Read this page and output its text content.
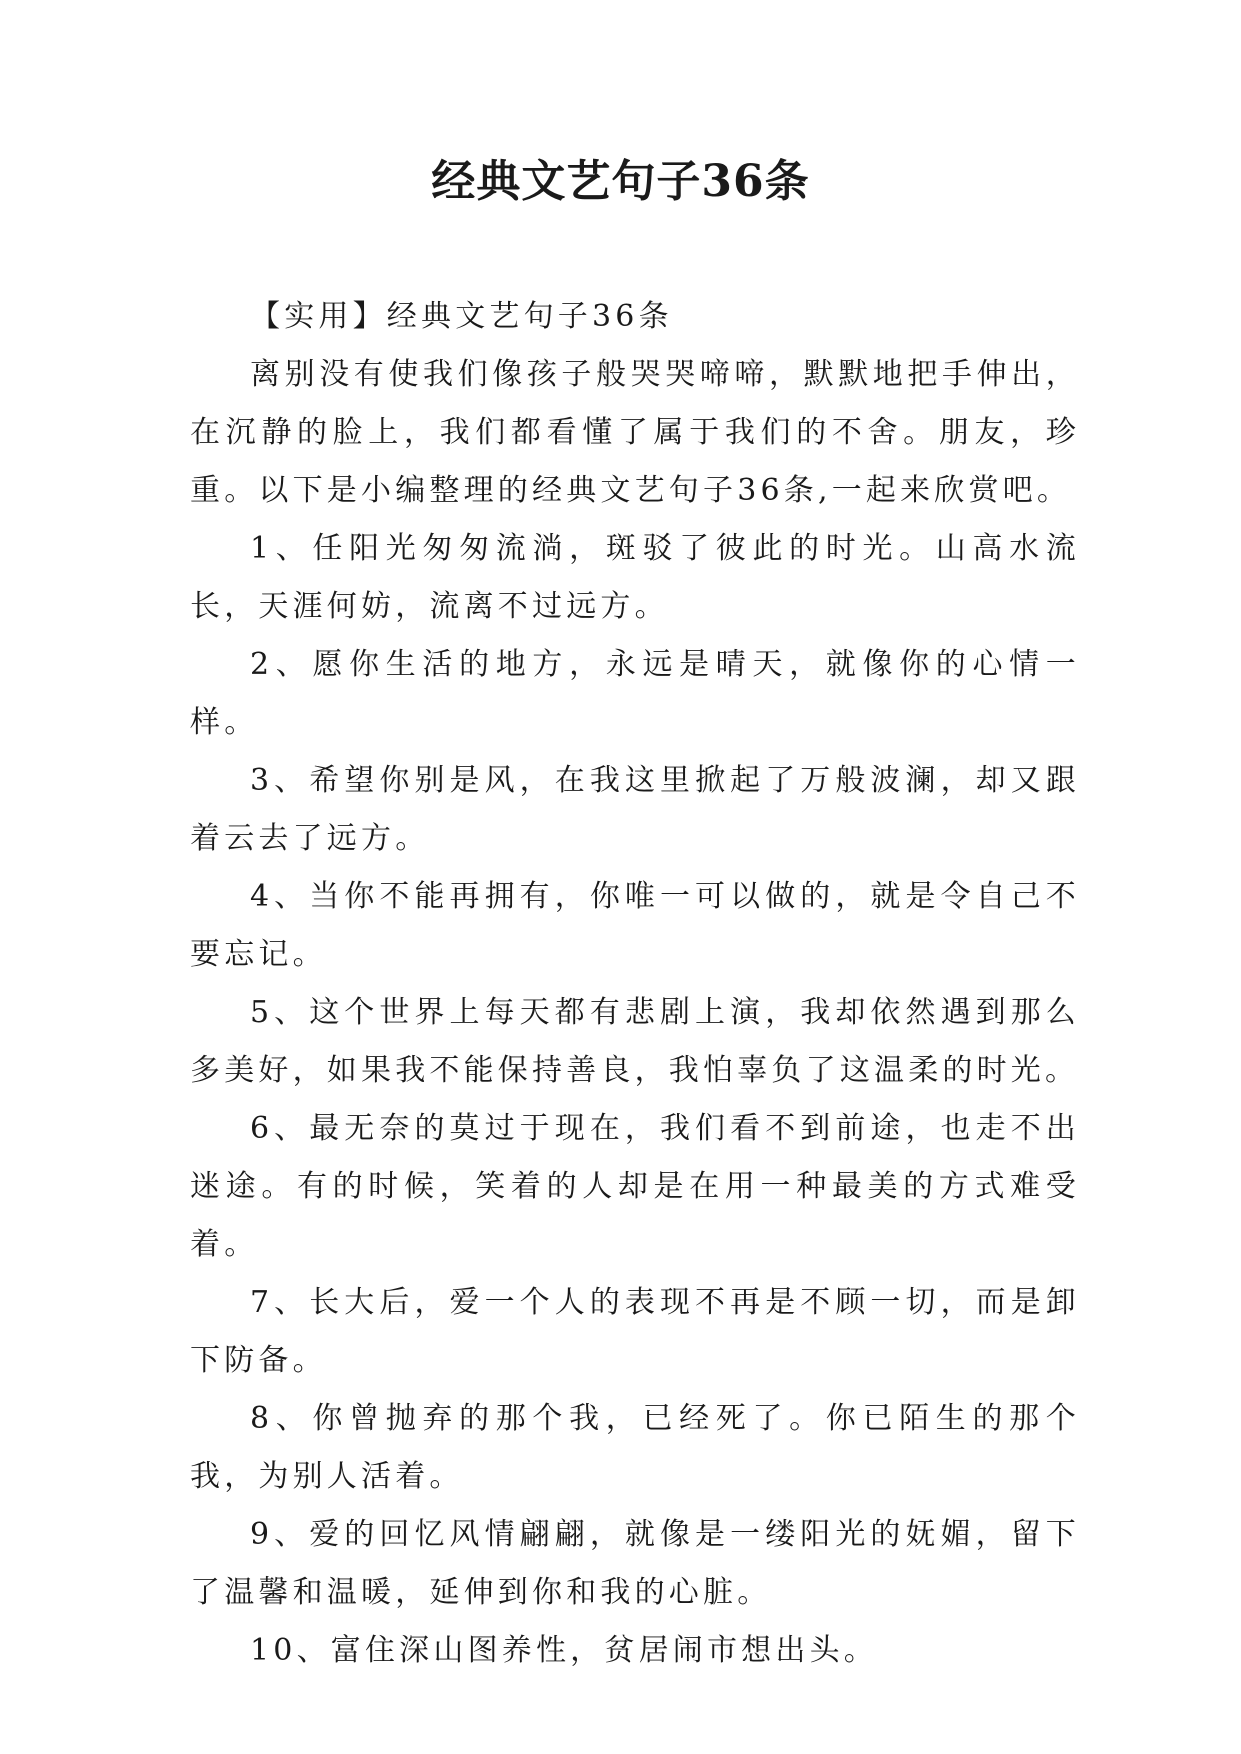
经典文艺句子36条

【实用】经典文艺句子36条

离别没有使我们像孩子般哭哭啼啼，默默地把手伸出，在沉静的脸上，我们都看懂了属于我们的不舍。朋友，珍重。以下是小编整理的经典文艺句子36条,一起来欣赏吧。

1、任阳光匆匆流淌，斑驳了彼此的时光。山高水流长，天涯何妨，流离不过远方。

2、愿你生活的地方，永远是晴天，就像你的心情一样。

3、希望你别是风，在我这里掀起了万般波澜，却又跟着云去了远方。

4、当你不能再拥有，你唯一可以做的，就是令自己不要忘记。

5、这个世界上每天都有悲剧上演，我却依然遇到那么多美好，如果我不能保持善良，我怕辜负了这温柔的时光。

6、最无奈的莫过于现在，我们看不到前途，也走不出迷途。有的时候，笑着的人却是在用一种最美的方式难受着。

7、长大后，爱一个人的表现不再是不顾一切，而是卸下防备。

8、你曾抛弃的那个我，已经死了。你已陌生的那个我，为别人活着。

9、爱的回忆风情翩翩，就像是一缕阳光的妩媚，留下了温馨和温暖，延伸到你和我的心脏。

10、富住深山图养性，贫居闹市想出头。
